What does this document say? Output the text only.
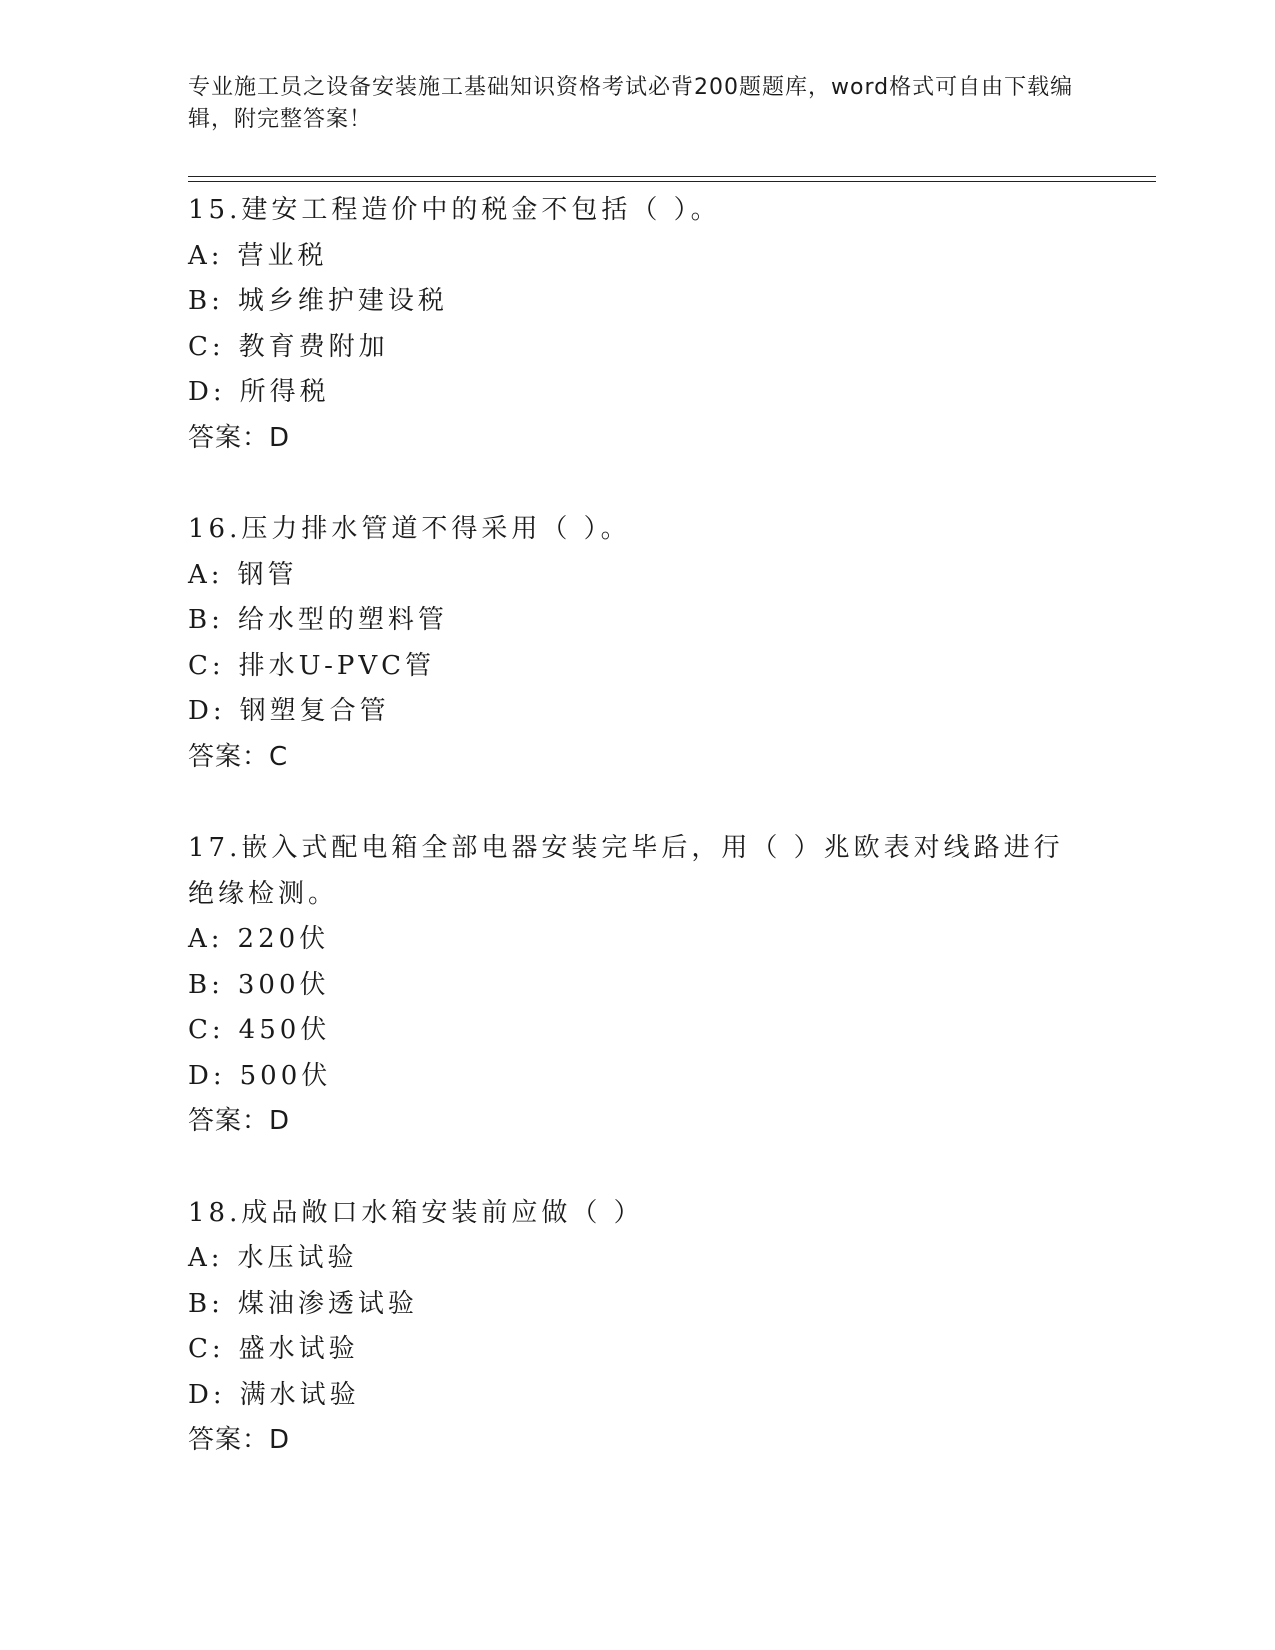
专业施工员之设备安装施工基础知识资格考试必背200题题库，word格式可自由下载编辑，附完整答案！

15.建安工程造价中的税金不包括（ ）。

A: 营业税

B: 城乡维护建设税

C: 教育费附加

D: 所得税

答案：D

16.压力排水管道不得采用（ ）。

A: 钢管

B: 给水型的塑料管

C: 排水U-PVC管

D: 钢塑复合管

答案：C

17.嵌入式配电箱全部电器安装完毕后，用（ ）兆欧表对线路进行绝缘检测。

A: 220伏

B: 300伏

C: 450伏

D: 500伏

答案：D

18.成品敞口水箱安装前应做（ ）

A: 水压试验

B: 煤油渗透试验

C: 盛水试验

D: 满水试验

答案：D
